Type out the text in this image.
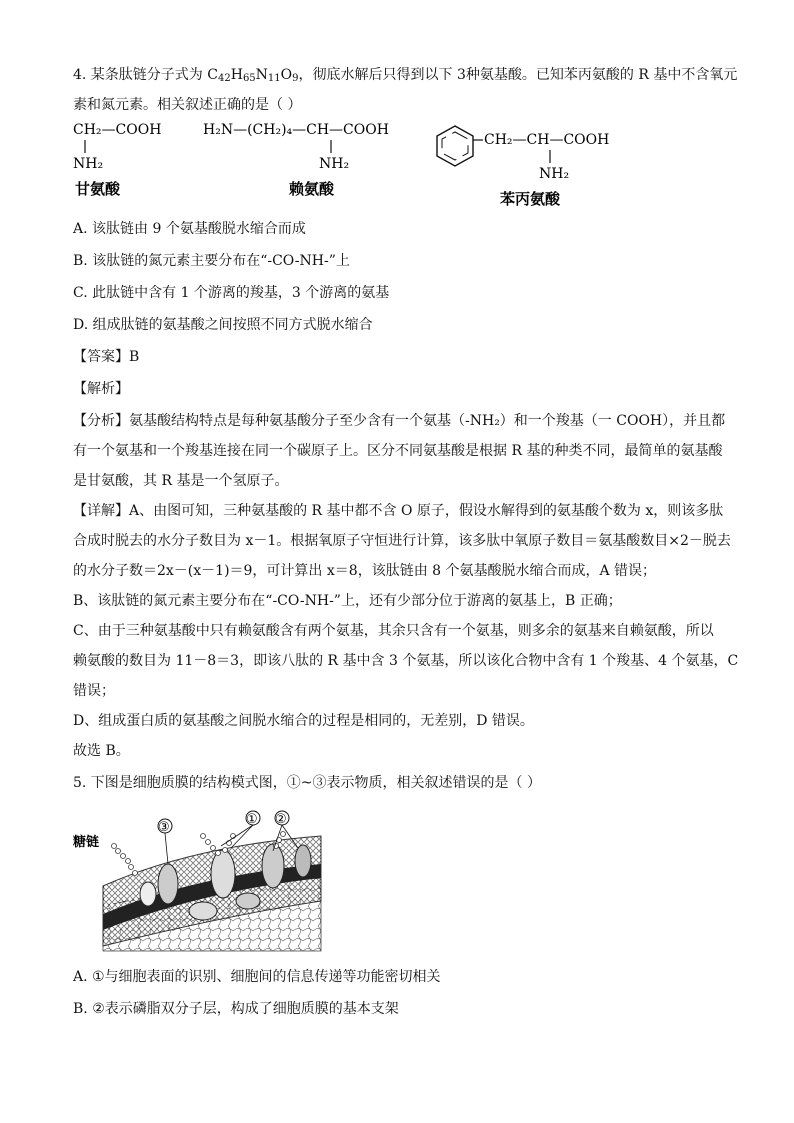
4. 某条肽链分子式为 $C_{42}H_{65}N_{11}O_9$，彻底水解后只得到以下 3种氨基酸。已知苯丙氨酸的 R 基中不含氧元
素和氮元素。相关叙述正确的是（ ）
CH₂—COOH
NH₂
甘氨酸
H₂N—(CH₂)₄—CH—COOH
NH₂
赖氨酸
CH₂—CH—COOH
NH₂
苯丙氨酸
A. 该肽链由 9 个氨基酸脱水缩合而成
B. 该肽链的氮元素主要分布在“-CO-NH-”上
C. 此肽链中含有 1 个游离的羧基，3 个游离的氨基
D. 组成肽链的氨基酸之间按照不同方式脱水缩合
【答案】B
【解析】
【分析】氨基酸结构特点是每种氨基酸分子至少含有一个氨基（-NH₂）和一个羧基（一 COOH），并且都
有一个氨基和一个羧基连接在同一个碳原子上。区分不同氨基酸是根据 R 基的种类不同，最简单的氨基酸
是甘氨酸，其 R 基是一个氢原子。
【详解】A、由图可知，三种氨基酸的 R 基中都不含 O 原子，假设水解得到的氨基酸个数为 x，则该多肽
合成时脱去的水分子数目为 x－1。根据氧原子守恒进行计算，该多肽中氧原子数目＝氨基酸数目×2－脱去
的水分子数＝2x－(x－1)＝9，可计算出 x＝8，该肽链由 8 个氨基酸脱水缩合而成，A 错误；
B、该肽链的氮元素主要分布在“-CO-NH-”上，还有少部分位于游离的氨基上，B 正确；
C、由于三种氨基酸中只有赖氨酸含有两个氨基，其余只含有一个氨基，则多余的氨基来自赖氨酸，所以
赖氨酸的数目为 11－8＝3，即该八肽的 R 基中含 3 个氨基，所以该化合物中含有 1 个羧基、4 个氨基，C
错误；
D、组成蛋白质的氨基酸之间脱水缩合的过程是相同的，无差别，D 错误。
故选 B。
5. 下图是细胞质膜的结构模式图，①~③表示物质，相关叙述错误的是（ ）
糖链
③
① ②
A. ①与细胞表面的识别、细胞间的信息传递等功能密切相关
B. ②表示磷脂双分子层，构成了细胞质膜的基本支架
